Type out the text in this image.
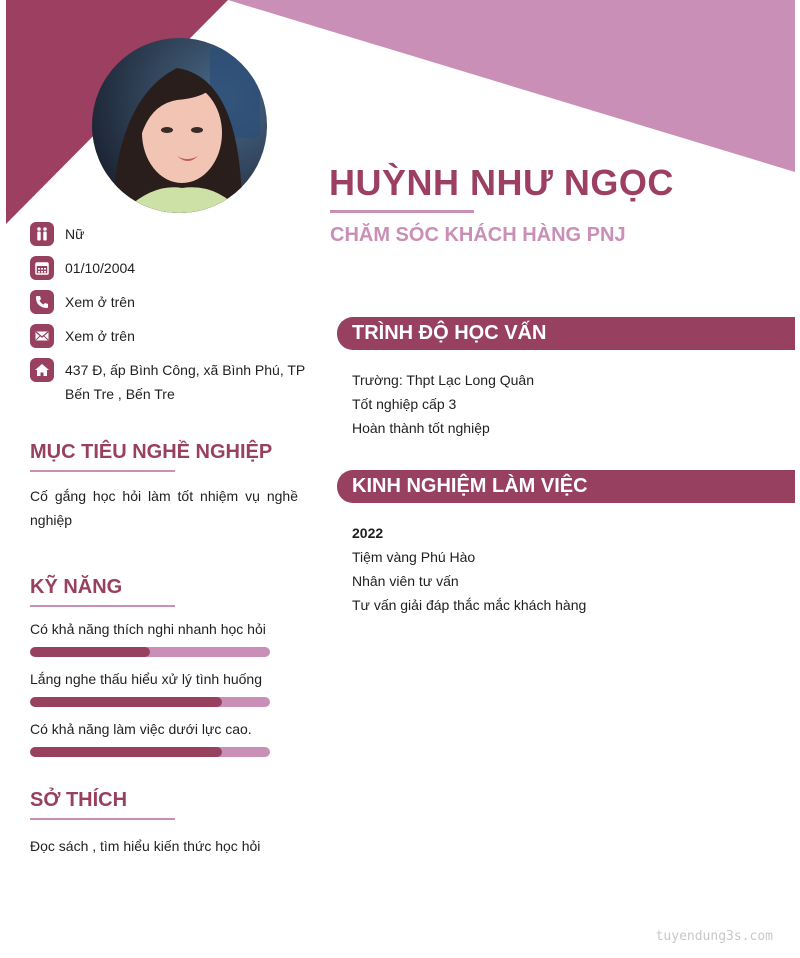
HUỲNH NHƯ NGỌC
CHĂM SÓC KHÁCH HÀNG PNJ
Nữ
01/10/2004
Xem ở trên
Xem ở trên
437 Đ, ấp Bình Công, xã Bình Phú, TP Bến Tre , Bến Tre
MỤC TIÊU NGHỀ NGHIỆP

Cố gắng học hỏi làm tốt nhiệm vụ nghề nghiệp

KỸ NĂNG

Có khả năng thích nghi nhanh học hỏi

Lắng nghe thấu hiểu xử lý tình huống

Có khả năng làm việc dưới lực cao.

SỞ THÍCH

Đọc sách , tìm hiểu kiến thức học hỏi

TRÌNH ĐỘ HỌC VẤN

Trường: Thpt Lạc Long Quân

Tốt nghiệp cấp 3

Hoàn thành tốt nghiệp

KINH NGHIỆM LÀM VIỆC

2022

Tiệm vàng Phú Hào

Nhân viên tư vấn

Tư vấn giải đáp thắc mắc khách hàng

tuyendung3s.com
